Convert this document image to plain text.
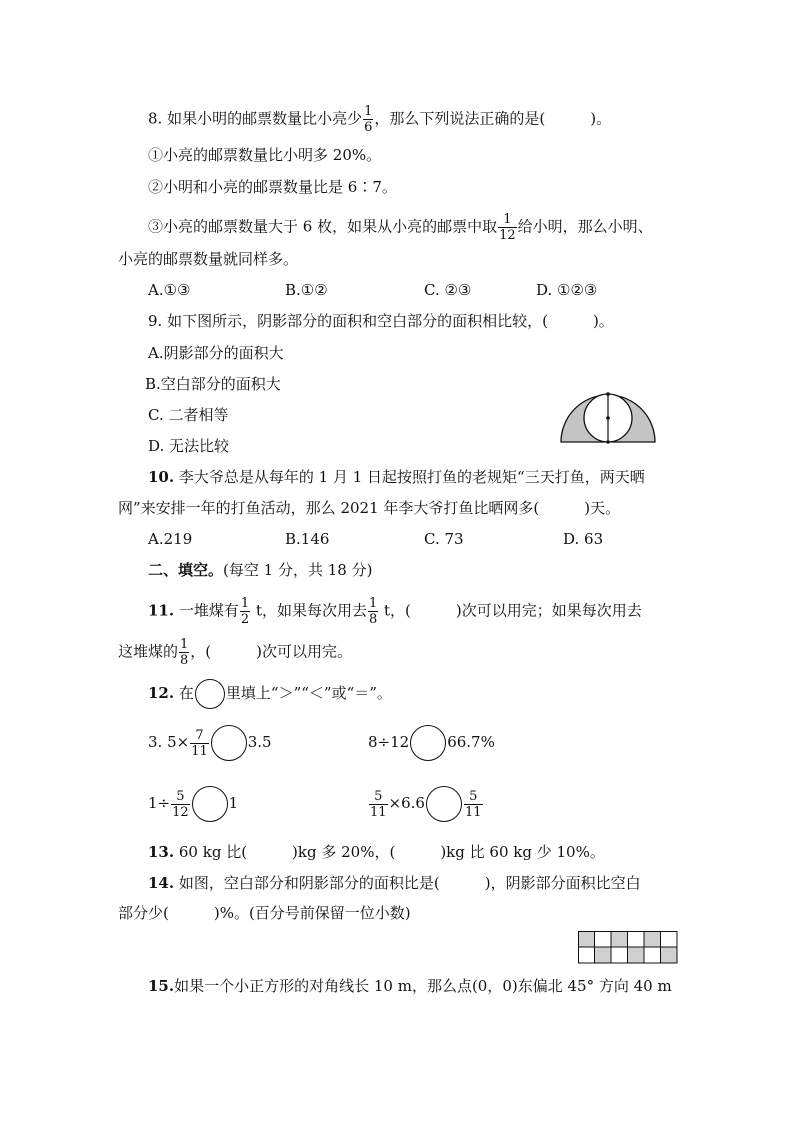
8. 如果小明的邮票数量比小亮少 $\frac{1}{6}$ ，那么下列说法正确的是(　　　)。
①小亮的邮票数量比小明多 20%。
②小明和小亮的邮票数量比是 6∶7。
③小亮的邮票数量大于 6 枚，如果从小亮的邮票中取 $\frac{1}{12}$ 给小明，那么小明、
小亮的邮票数量就同样多。
A.①③	B.①②	C. ②③	D. ①②③
9. 如下图所示，阴影部分的面积和空白部分的面积相比较，(　　　)。
A.阴影部分的面积大
B.空白部分的面积大
C. 二者相等
D. 无法比较
10. 李大爷总是从每年的 1 月 1 日起按照打鱼的老规矩“三天打鱼，两天晒
网”来安排一年的打鱼活动，那么 2021 年李大爷打鱼比晒网多(　　　)天。
A.219	B.146	C. 73	D. 63
二、填空。(每空 1 分，共 18 分)
11. 一堆煤有 $\frac{1}{2}$ t，如果每次用去 $\frac{1}{8}$ t，(　　　)次可以用完；如果每次用去
这堆煤的 $\frac{1}{8}$ ，(　　　)次可以用完。
12. 在 里填上“＞”“＜”或“＝”。
3. $5\times \frac{7}{11}$	3.5	8÷12	66.7%
$1\div \frac{5}{12}$	1	$\frac{5}{11} \times 6.6$	$\frac{5}{11}$
13. 60 kg 比(　　　)kg 多 20%，(　　　)kg 比 60 kg 少 10%。
14. 如图，空白部分和阴影部分的面积比是(　　　)，阴影部分面积比空白
部分少(　　　)%。(百分号前保留一位小数)
15.如果一个小正方形的对角线长 10 m，那么点(0，0)东偏北 45° 方向 40 m
